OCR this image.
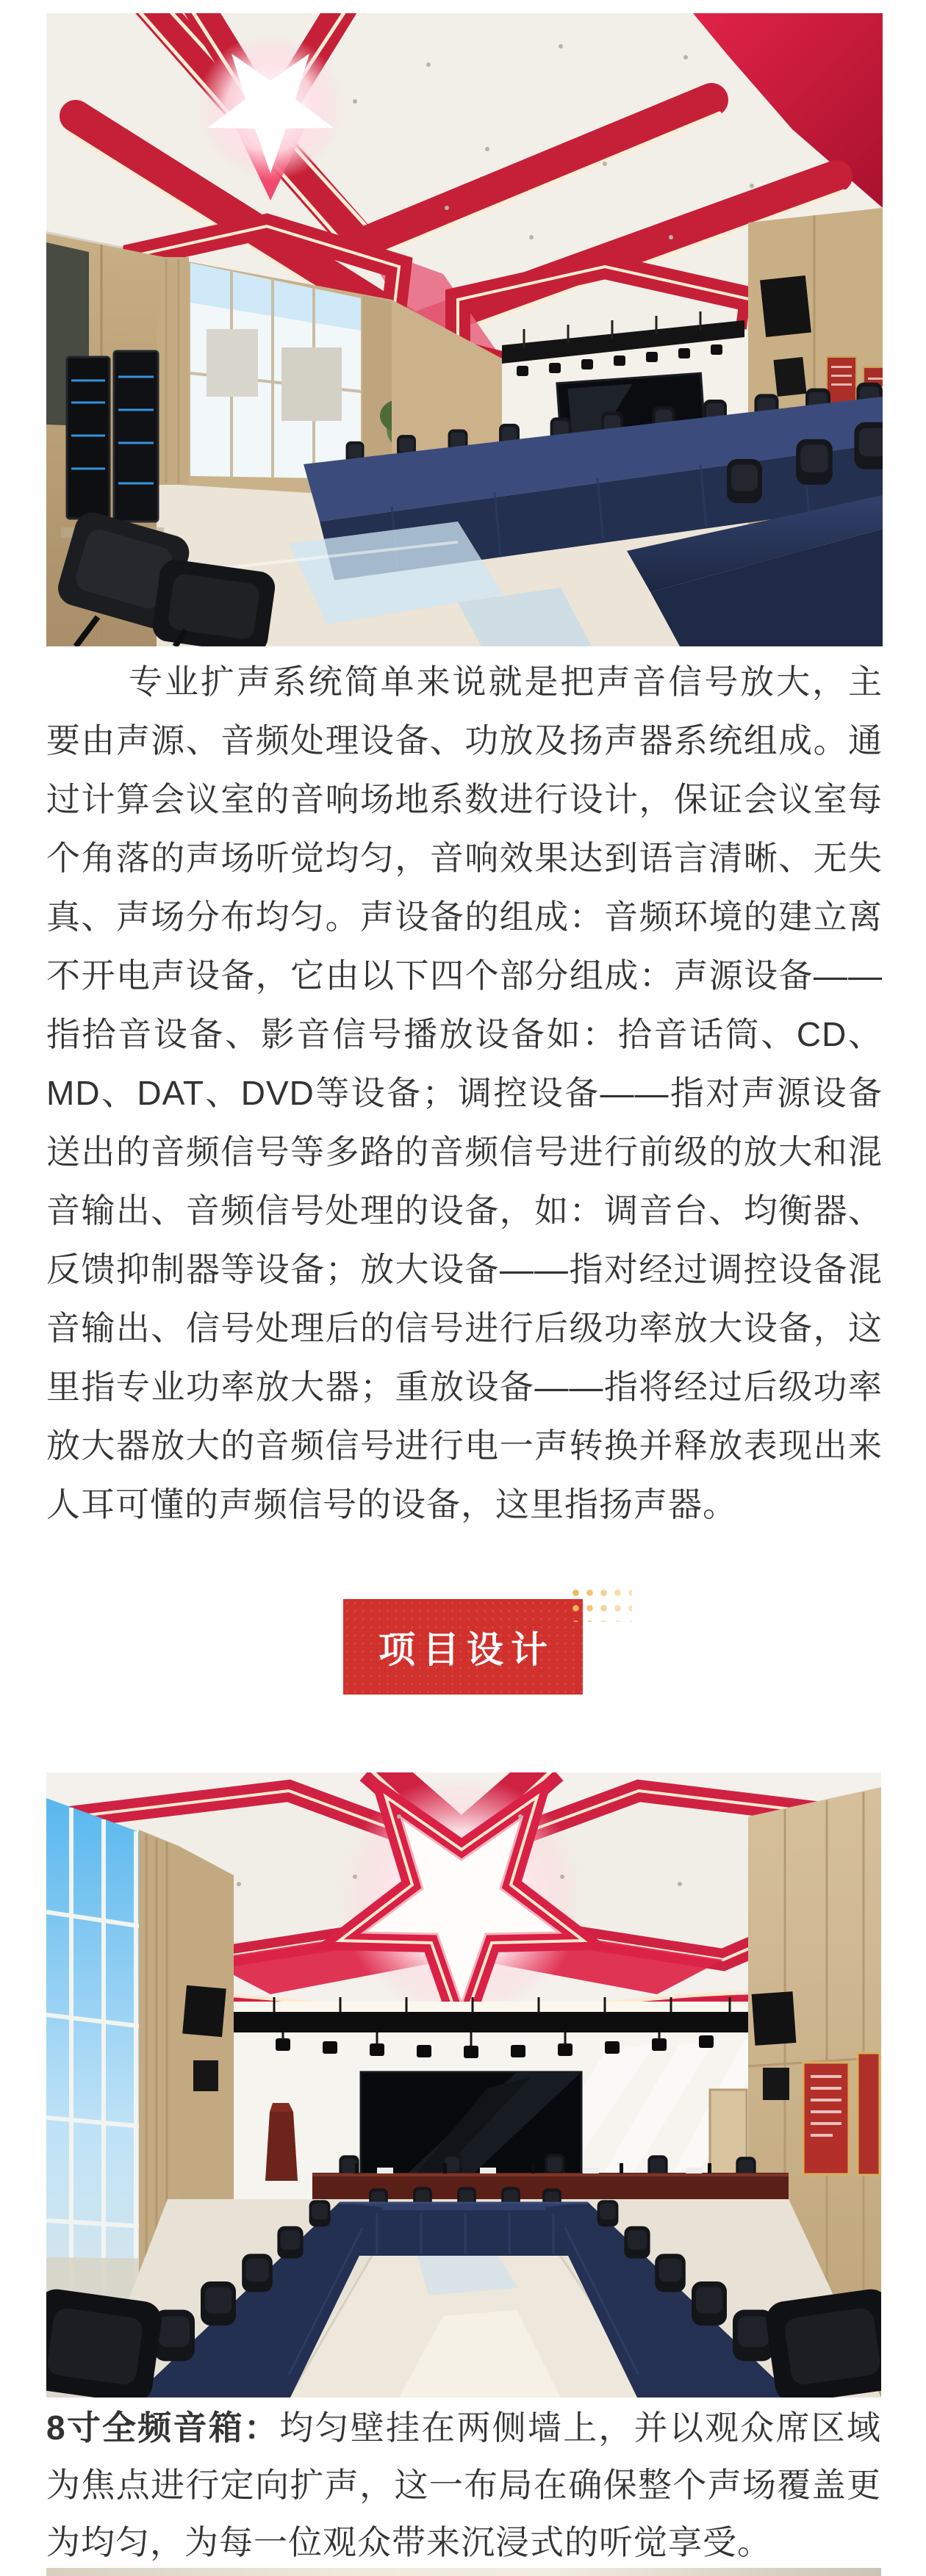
专业扩声系统简单来说就是把声音信号放大，主要由声源、音频处理设备、功放及扬声器系统组成。通过计算会议室的音响场地系数进行设计，保证会议室每个角落的声场听觉均匀，音响效果达到语言清晰、无失真、声场分布均匀。声设备的组成：音频环境的建立离不开电声设备，它由以下四个部分组成：声源设备——指拾音设备、影音信号播放设备如：拾音话筒、CD、MD、DAT、DVD等设备；调控设备——指对声源设备送出的音频信号等多路的音频信号进行前级的放大和混音输出、音频信号处理的设备，如：调音台、均衡器、反馈抑制器等设备；放大设备——指对经过调控设备混音输出、信号处理后的信号进行后级功率放大设备，这里指专业功率放大器；重放设备——指将经过后级功率放大器放大的音频信号进行电一声转换并释放表现出来人耳可懂的声频信号的设备，这里指扬声器。

项目设计

8寸全频音箱：均匀壁挂在两侧墙上，并以观众席区域为焦点进行定向扩声，这一布局在确保整个声场覆盖更为均匀，为每一位观众带来沉浸式的听觉享受。
